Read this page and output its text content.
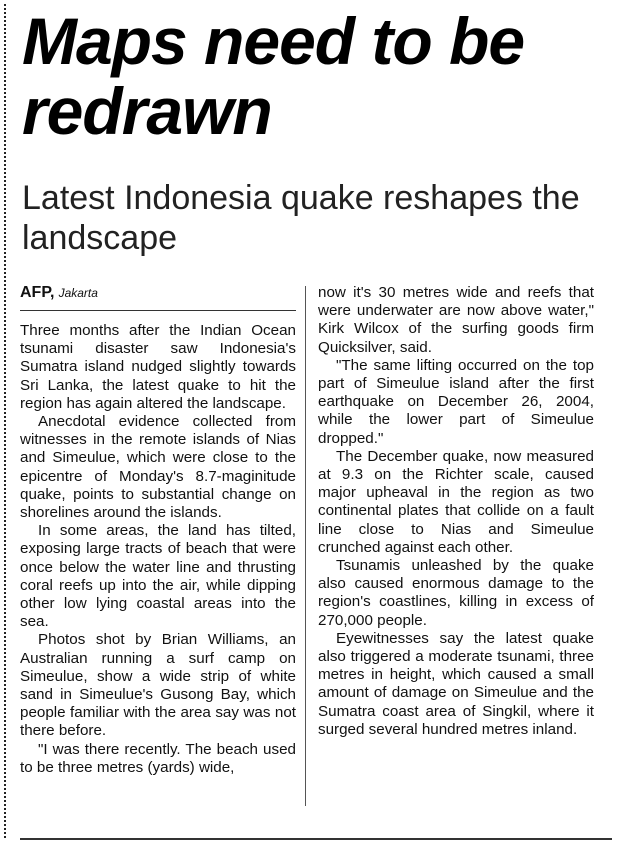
Maps need to be redrawn
Latest Indonesia quake reshapes the landscape
AFP, Jakarta

Three months after the Indian Ocean tsunami disaster saw Indonesia's Sumatra island nudged slightly towards Sri Lanka, the latest quake to hit the region has again altered the landscape.

Anecdotal evidence collected from witnesses in the remote islands of Nias and Simeulue, which were close to the epicentre of Monday's 8.7-maginitude quake, points to substantial change on shorelines around the islands.

In some areas, the land has tilted, exposing large tracts of beach that were once below the water line and thrusting coral reefs up into the air, while dipping other low lying coastal areas into the sea.

Photos shot by Brian Williams, an Australian running a surf camp on Simeulue, show a wide strip of white sand in Simeulue's Gusong Bay, which people familiar with the area say was not there before.

"I was there recently. The beach used to be three metres (yards) wide,

now it's 30 metres wide and reefs that were underwater are now above water," Kirk Wilcox of the surfing goods firm Quicksilver, said.

"The same lifting occurred on the top part of Simeulue island after the first earthquake on December 26, 2004, while the lower part of Simeulue dropped."

The December quake, now measured at 9.3 on the Richter scale, caused major upheaval in the region as two continental plates that collide on a fault line close to Nias and Simeulue crunched against each other.

Tsunamis unleashed by the quake also caused enormous damage to the region's coastlines, killing in excess of 270,000 people.

Eyewitnesses say the latest quake also triggered a moderate tsunami, three metres in height, which caused a small amount of damage on Simeulue and the Sumatra coast area of Singkil, where it surged several hundred metres inland.
